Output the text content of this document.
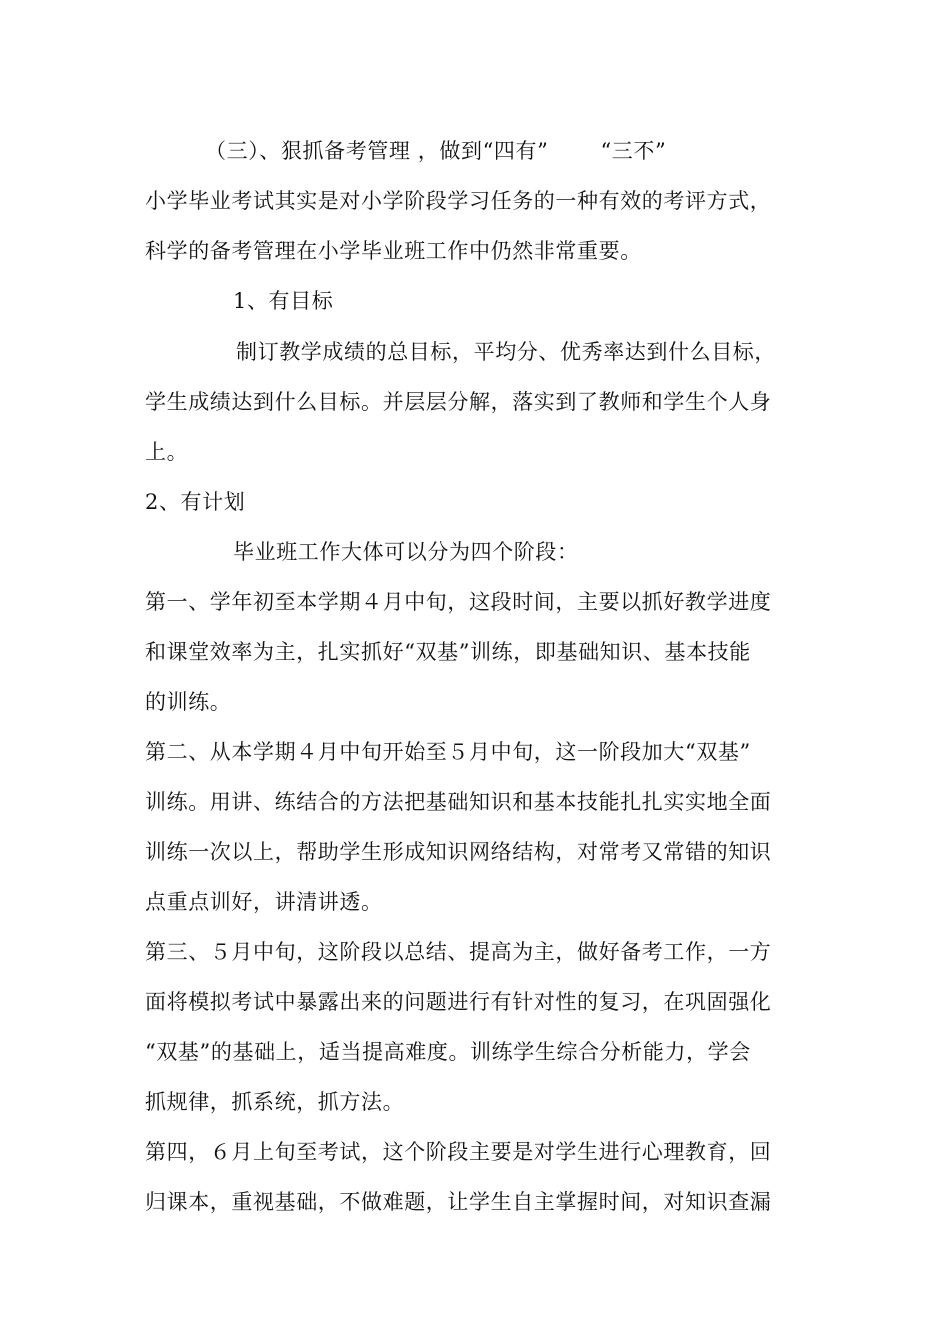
（三）、狠抓备考管理 ，做到“四有” “三不”
小学毕业考试其实是对小学阶段学习任务的一种有效的考评方式，
科学的备考管理在小学毕业班工作中仍然非常重要。
1、有目标
制订教学成绩的总目标，平均分、优秀率达到什么目标，
学生成绩达到什么目标。并层层分解，落实到了教师和学生个人身
上。
2、有计划
毕业班工作大体可以分为四个阶段：
第一、学年初至本学期４月中旬，这段时间，主要以抓好教学进度
和课堂效率为主，扎实抓好“双基”训练，即基础知识、基本技能
的训练。
第二、从本学期４月中旬开始至５月中旬，这一阶段加大“双基”
训练。用讲、练结合的方法把基础知识和基本技能扎扎实实地全面
训练一次以上，帮助学生形成知识网络结构，对常考又常错的知识
点重点训好，讲清讲透。
第三、５月中旬，这阶段以总结、提高为主，做好备考工作，一方
面将模拟考试中暴露出来的问题进行有针对性的复习，在巩固强化
“双基”的基础上，适当提高难度。训练学生综合分析能力，学会
抓规律，抓系统，抓方法。
第四，６月上旬至考试，这个阶段主要是对学生进行心理教育，回
归课本，重视基础，不做难题，让学生自主掌握时间，对知识查漏
